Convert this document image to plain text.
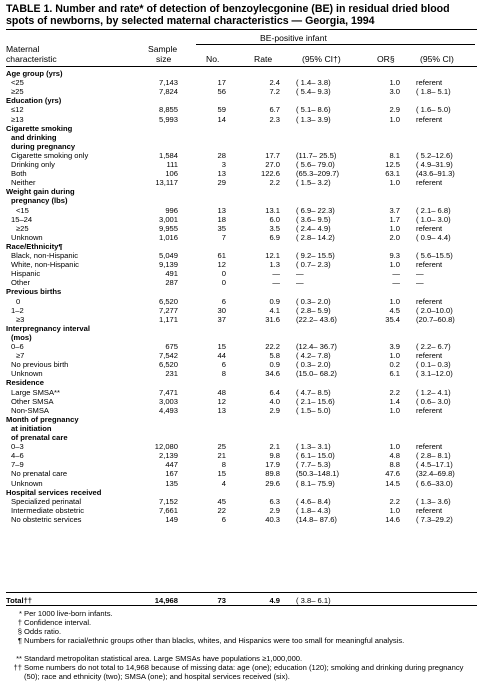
TABLE 1. Number and rate* of detection of benzoylecgonine (BE) in residual dried blood spots of newborns, by selected maternal characteristics — Georgia, 1994
Maternal
characteristic
Sample
size
BE-positive infant
No.	Rate	(95% CI†)	OR§	(95% CI)
Age group (yrs)
<25	7,143	17	2.4 ( 1.4– 3.8)	1.0 referent
≥25	7,824	56	7.2 ( 5.4– 9.3)	3.0 ( 1.8– 5.1)
Education (yrs)
≤12	8,855	59	6.7 ( 5.1– 8.6)	2.9 ( 1.6– 5.0)
≥13	5,993	14	2.3 ( 1.3– 3.9)	1.0 referent
Cigarette smoking
and drinking
during pregnancy
Cigarette smoking only	1,584	28	17.7 (11.7– 25.5)	8.1 ( 5.2–12.6)
Drinking only	111	3	27.0 ( 5.6– 79.0)	12.5 ( 4.9–31.9)
Both	106	13	122.6 (65.3–209.7)	63.1 (43.6–91.3)
Neither	13,117	29	2.2 ( 1.5– 3.2)	1.0 referent
Weight gain during
pregnancy (lbs)
<15	996	13	13.1 ( 6.9– 22.3)	3.7 ( 2.1– 6.8)
15–24	3,001	18	6.0 ( 3.6– 9.5)	1.7 ( 1.0– 3.0)
≥25	9,955	35	3.5 ( 2.4– 4.9)	1.0 referent
Unknown	1,016	7	6.9 ( 2.8– 14.2)	2.0 ( 0.9– 4.4)
Race/Ethnicity¶
Black, non-Hispanic	5,049	61	12.1 ( 9.2– 15.5)	9.3 ( 5.6–15.5)
White, non-Hispanic	9,139	12	1.3 ( 0.7– 2.3)	1.0 referent
Hispanic	491	0	— —	— —
Other	287	0	— —	— —
Previous births
0	6,520	6	0.9 ( 0.3– 2.0)	1.0 referent
1–2	7,277	30	4.1 ( 2.8– 5.9)	4.5 ( 2.0–10.0)
≥3	1,171	37	31.6 (22.2– 43.6)	35.4 (20.7–60.8)
Interpregnancy interval
(mos)
0–6	675	15	22.2 (12.4– 36.7)	3.9 ( 2.2– 6.7)
≥7	7,542	44	5.8 ( 4.2– 7.8)	1.0 referent
No previous birth	6,520	6	0.9 ( 0.3– 2.0)	0.2 ( 0.1– 0.3)
Unknown	231	8	34.6 (15.0– 68.2)	6.1 ( 3.1–12.0)
Residence
Large SMSA**	7,471	48	6.4 ( 4.7– 8.5)	2.2 ( 1.2– 4.1)
Other SMSA	3,003	12	4.0 ( 2.1– 15.6)	1.4 ( 0.6– 3.0)
Non-SMSA	4,493	13	2.9 ( 1.5– 5.0)	1.0 referent
Month of pregnancy
at initiation
of prenatal care
0–3	12,080	25	2.1 ( 1.3– 3.1)	1.0 referent
4–6	2,139	21	9.8 ( 6.1– 15.0)	4.8 ( 2.8– 8.1)
7–9	447	8	17.9 ( 7.7– 5.3)	8.8 ( 4.5–17.1)
No prenatal care	167	15	89.8 (50.3–148.1)	47.6 (32.4–69.8)
Unknown	135	4	29.6 ( 8.1– 75.9)	14.5 ( 6.6–33.0)
Hospital services received
Specialized perinatal	7,152	45	6.3 ( 4.6– 8.4)	2.2 ( 1.3– 3.6)
Intermediate obstetric	7,661	22	2.9 ( 1.8– 4.3)	1.0 referent
No obstetric services	149	6	40.3 (14.8– 87.6)	14.6 ( 7.3–29.2)
Total††	14,968	73	4.9 ( 3.8– 6.1)
* Per 1000 live-born infants.
† Confidence interval.
§ Odds ratio.
¶ Numbers for racial/ethnic groups other than blacks, whites, and Hispanics were too small for meaningful analysis.
** Standard metropolitan statistical area. Large SMSAs have populations ≥1,000,000.
†† Some numbers do not total to 14,968 because of missing data: age (one); education (120); smoking and drinking during pregnancy (50); race and ethnicity (two); SMSA (one); and hospital services received (six).
